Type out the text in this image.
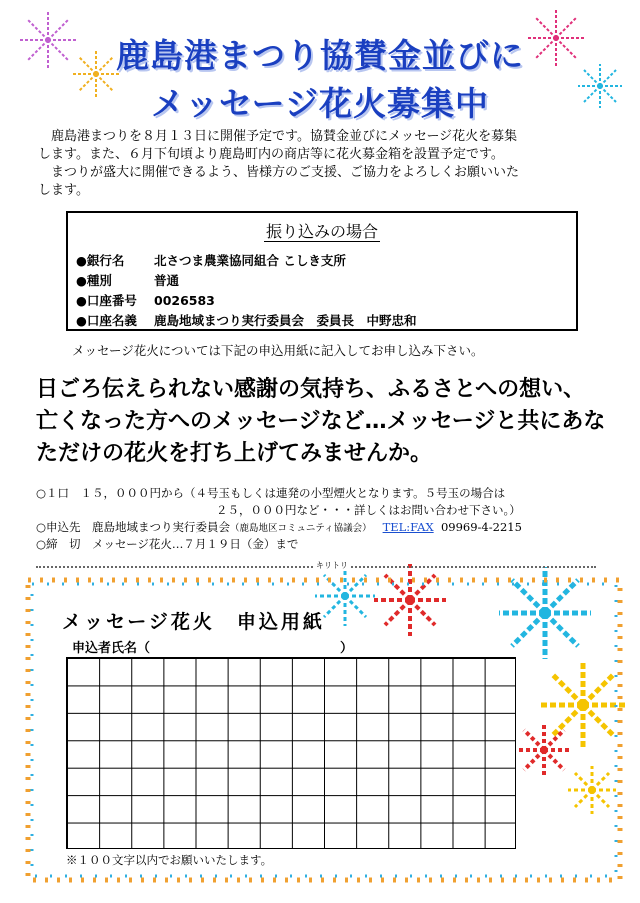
鹿島港まつり協賛金並びに
メッセージ花火募集中

　鹿島港まつりを８月１３日に開催予定です。協賛金並びにメッセージ花火を募集

します。また、６月下旬頃より鹿島町内の商店等に花火募金箱を設置予定です。

　まつりが盛大に開催できるよう、皆様方のご支援、ご協力をよろしくお願いいた

します。

振り込みの場合
●銀行名 北さつま農業協同組合 こしき支所
●種別	普通
●口座番号 0026583
●口座名義 鹿島地域まつり実行委員会　委員長　中野忠和
メッセージ花火については下記の申込用紙に記入してお申し込み下さい。

日ごろ伝えられない感謝の気持ち、ふるさとへの想い、

亡くなった方へのメッセージなど…メッセージと共にあな

ただけの花火を打ち上げてみませんか。

○１口　１５，０００円から（４号玉もしくは連発の小型煙火となります。５号玉の場合は
２５，０００円など・・・詳しくはお問い合わせ下さい。）
○申込先　鹿島地域まつり実行委員会（鹿島地区コミュニティ協議会） TEL:FAX 09969-4-2215
○締　切　メッセージ花火…７月１９日（金）まで
キリトリ
メッセージ花火　申込用紙
申込者氏名（	）
※１００文字以内でお願いいたします。
